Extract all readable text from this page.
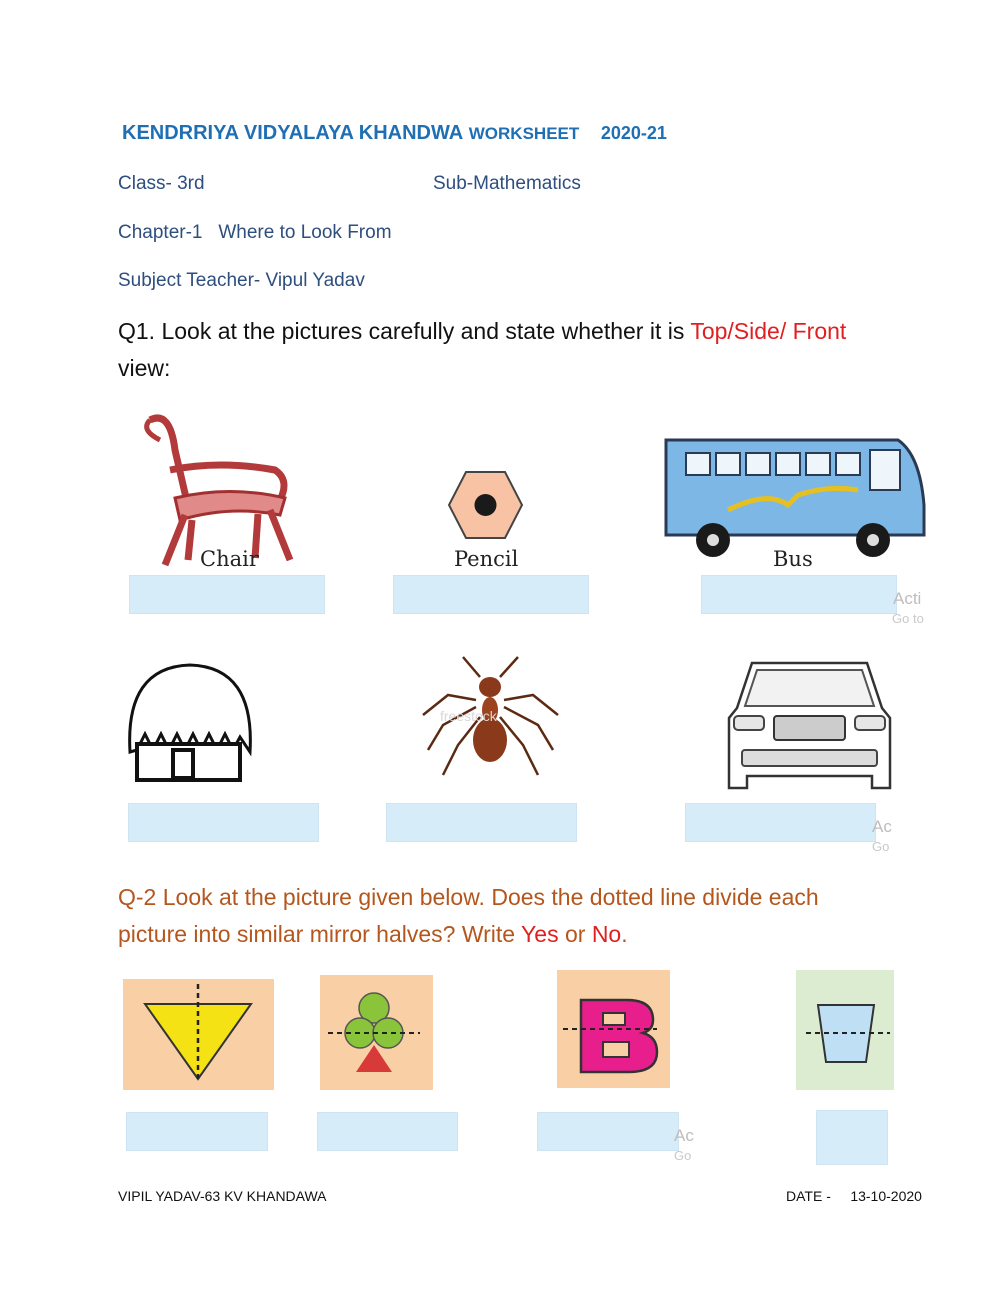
KENDRRIYA VIDYALAYA KHANDWA WORKSHEET 2020-21
Class- 3rd	Sub-Mathematics
Chapter-1 Where to Look From
Subject Teacher- Vipul Yadav
Q1. Look at the pictures carefully and state whether it is Top/Side/ Front
view:
Chair	Pencil	Bus
Acti
Go to
freestock
Ac
Go
Q-2 Look at the picture given below. Does the dotted line divide each picture into similar mirror halves? Write Yes or No.
Ac
Go
VIPIL YADAV-63 KV KHANDAWA	DATE - 13-10-2020
